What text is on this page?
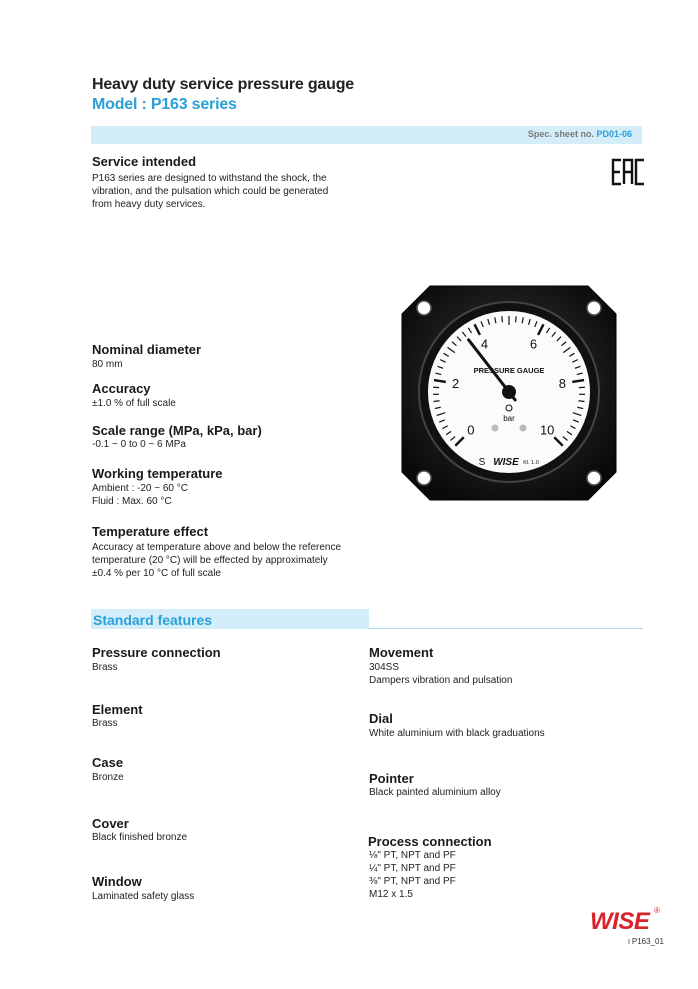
Heavy duty service pressure gauge
Model : P163 series
Spec. sheet no. PD01-06
Service intended
P163 series are designed to withstand the shock, the
vibration, and the pulsation which could be generated
from heavy duty services.
Nominal diameter
80 mm
Accuracy
±1.0 % of full scale
Scale range (MPa, kPa, bar)
-0.1 ~ 0 to 0 ~ 6 MPa
Working temperature
Ambient : -20 ~ 60 °C
Fluid : Max. 60 °C
Temperature effect
Accuracy at temperature above and below the reference
temperature (20 °C) will be effected by approximately
±0.4 % per 10 °C of full scale
0
2
4	6
8
10
PRESSURE GAUGE
bar
S WISE Kl. 1.0
Standard features
Pressure connection
Brass
Element
Brass
Case
Bronze
Cover
Black finished bronze
Window
Laminated safety glass
Movement
304SS
Dampers vibration and pulsation
Dial
White aluminium with black graduations
Pointer
Black painted aluminium alloy
Process connection
⅛" PT, NPT and PF
¼" PT, NPT and PF
⅜" PT, NPT and PF
M12 x 1.5
WISE ®
I P163_01
